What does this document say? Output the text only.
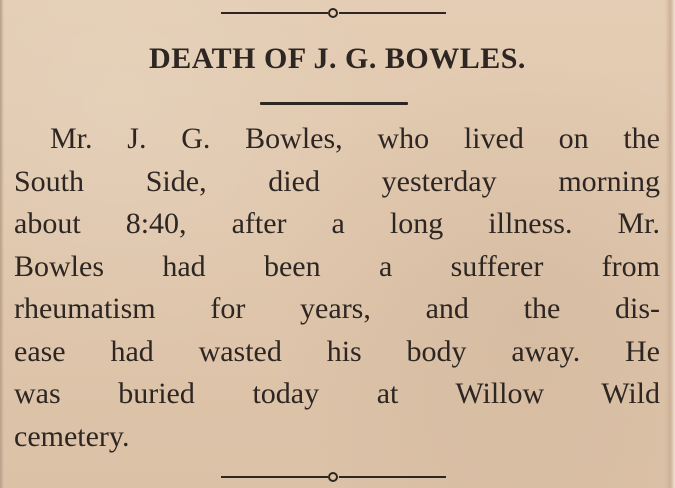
DEATH OF J. G. BOWLES.
Mr. J. G. Bowles, who lived on the
South Side, died yesterday morning
about 8:40, after a long illness. Mr.
Bowles had been a sufferer from
rheumatism for years, and the dis-
ease had wasted his body away. He
was buried today at Willow Wild
cemetery.
